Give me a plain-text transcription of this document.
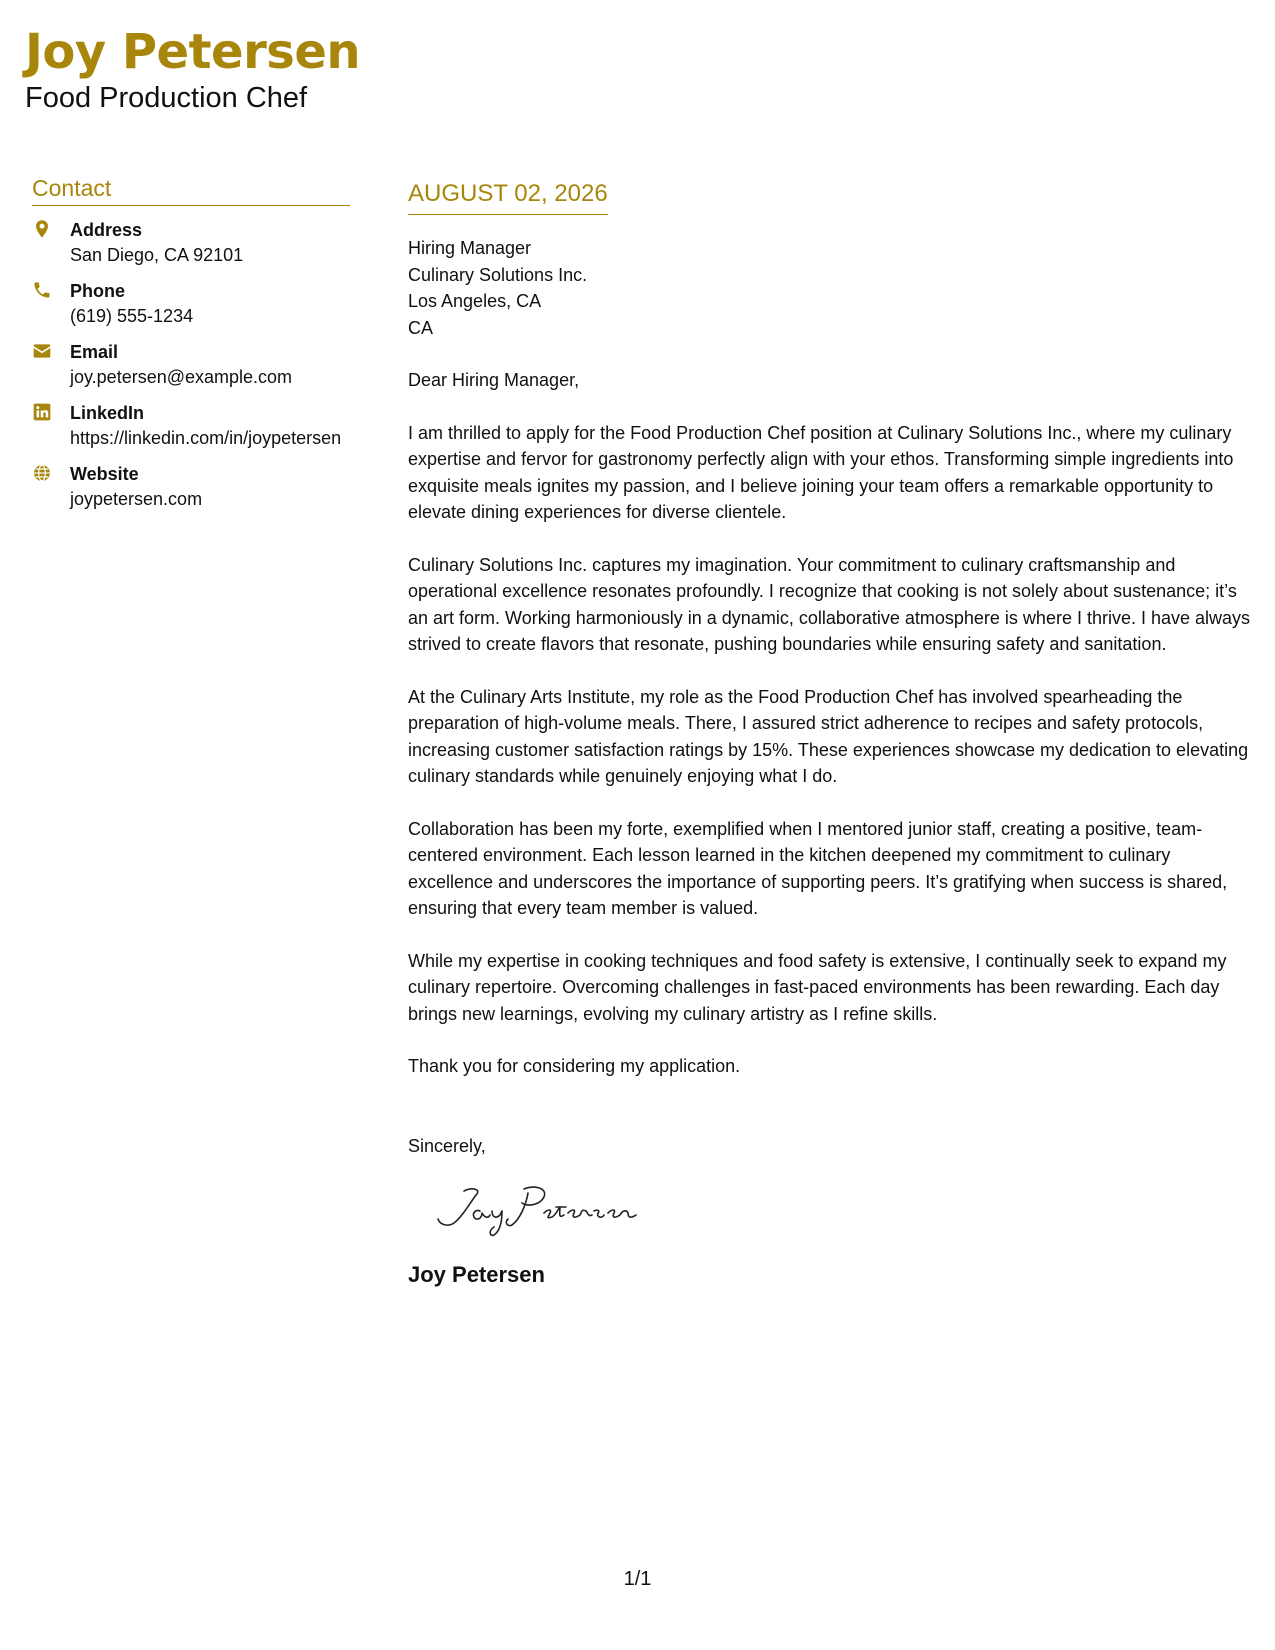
Joy Petersen
Food Production Chef
Contact
Address
San Diego, CA 92101
Phone
(619) 555-1234
Email
joy.petersen@example.com
LinkedIn
https://linkedin.com/in/joypetersen
Website
joypetersen.com
AUGUST 02, 2026
Hiring Manager
Culinary Solutions Inc.
Los Angeles, CA
CA
Dear Hiring Manager,
I am thrilled to apply for the Food Production Chef position at Culinary Solutions Inc., where my culinary expertise and fervor for gastronomy perfectly align with your ethos. Transforming simple ingredients into exquisite meals ignites my passion, and I believe joining your team offers a remarkable opportunity to elevate dining experiences for diverse clientele.
Culinary Solutions Inc. captures my imagination. Your commitment to culinary craftsmanship and operational excellence resonates profoundly. I recognize that cooking is not solely about sustenance; it’s an art form. Working harmoniously in a dynamic, collaborative atmosphere is where I thrive. I have always strived to create flavors that resonate, pushing boundaries while ensuring safety and sanitation.
At the Culinary Arts Institute, my role as the Food Production Chef has involved spearheading the preparation of high-volume meals. There, I assured strict adherence to recipes and safety protocols, increasing customer satisfaction ratings by 15%. These experiences showcase my dedication to elevating culinary standards while genuinely enjoying what I do.
Collaboration has been my forte, exemplified when I mentored junior staff, creating a positive, team-centered environment. Each lesson learned in the kitchen deepened my commitment to culinary excellence and underscores the importance of supporting peers. It’s gratifying when success is shared, ensuring that every team member is valued.
While my expertise in cooking techniques and food safety is extensive, I continually seek to expand my culinary repertoire. Overcoming challenges in fast-paced environments has been rewarding. Each day brings new learnings, evolving my culinary artistry as I refine skills.
Thank you for considering my application.
Sincerely,
Joy Petersen
1/1
